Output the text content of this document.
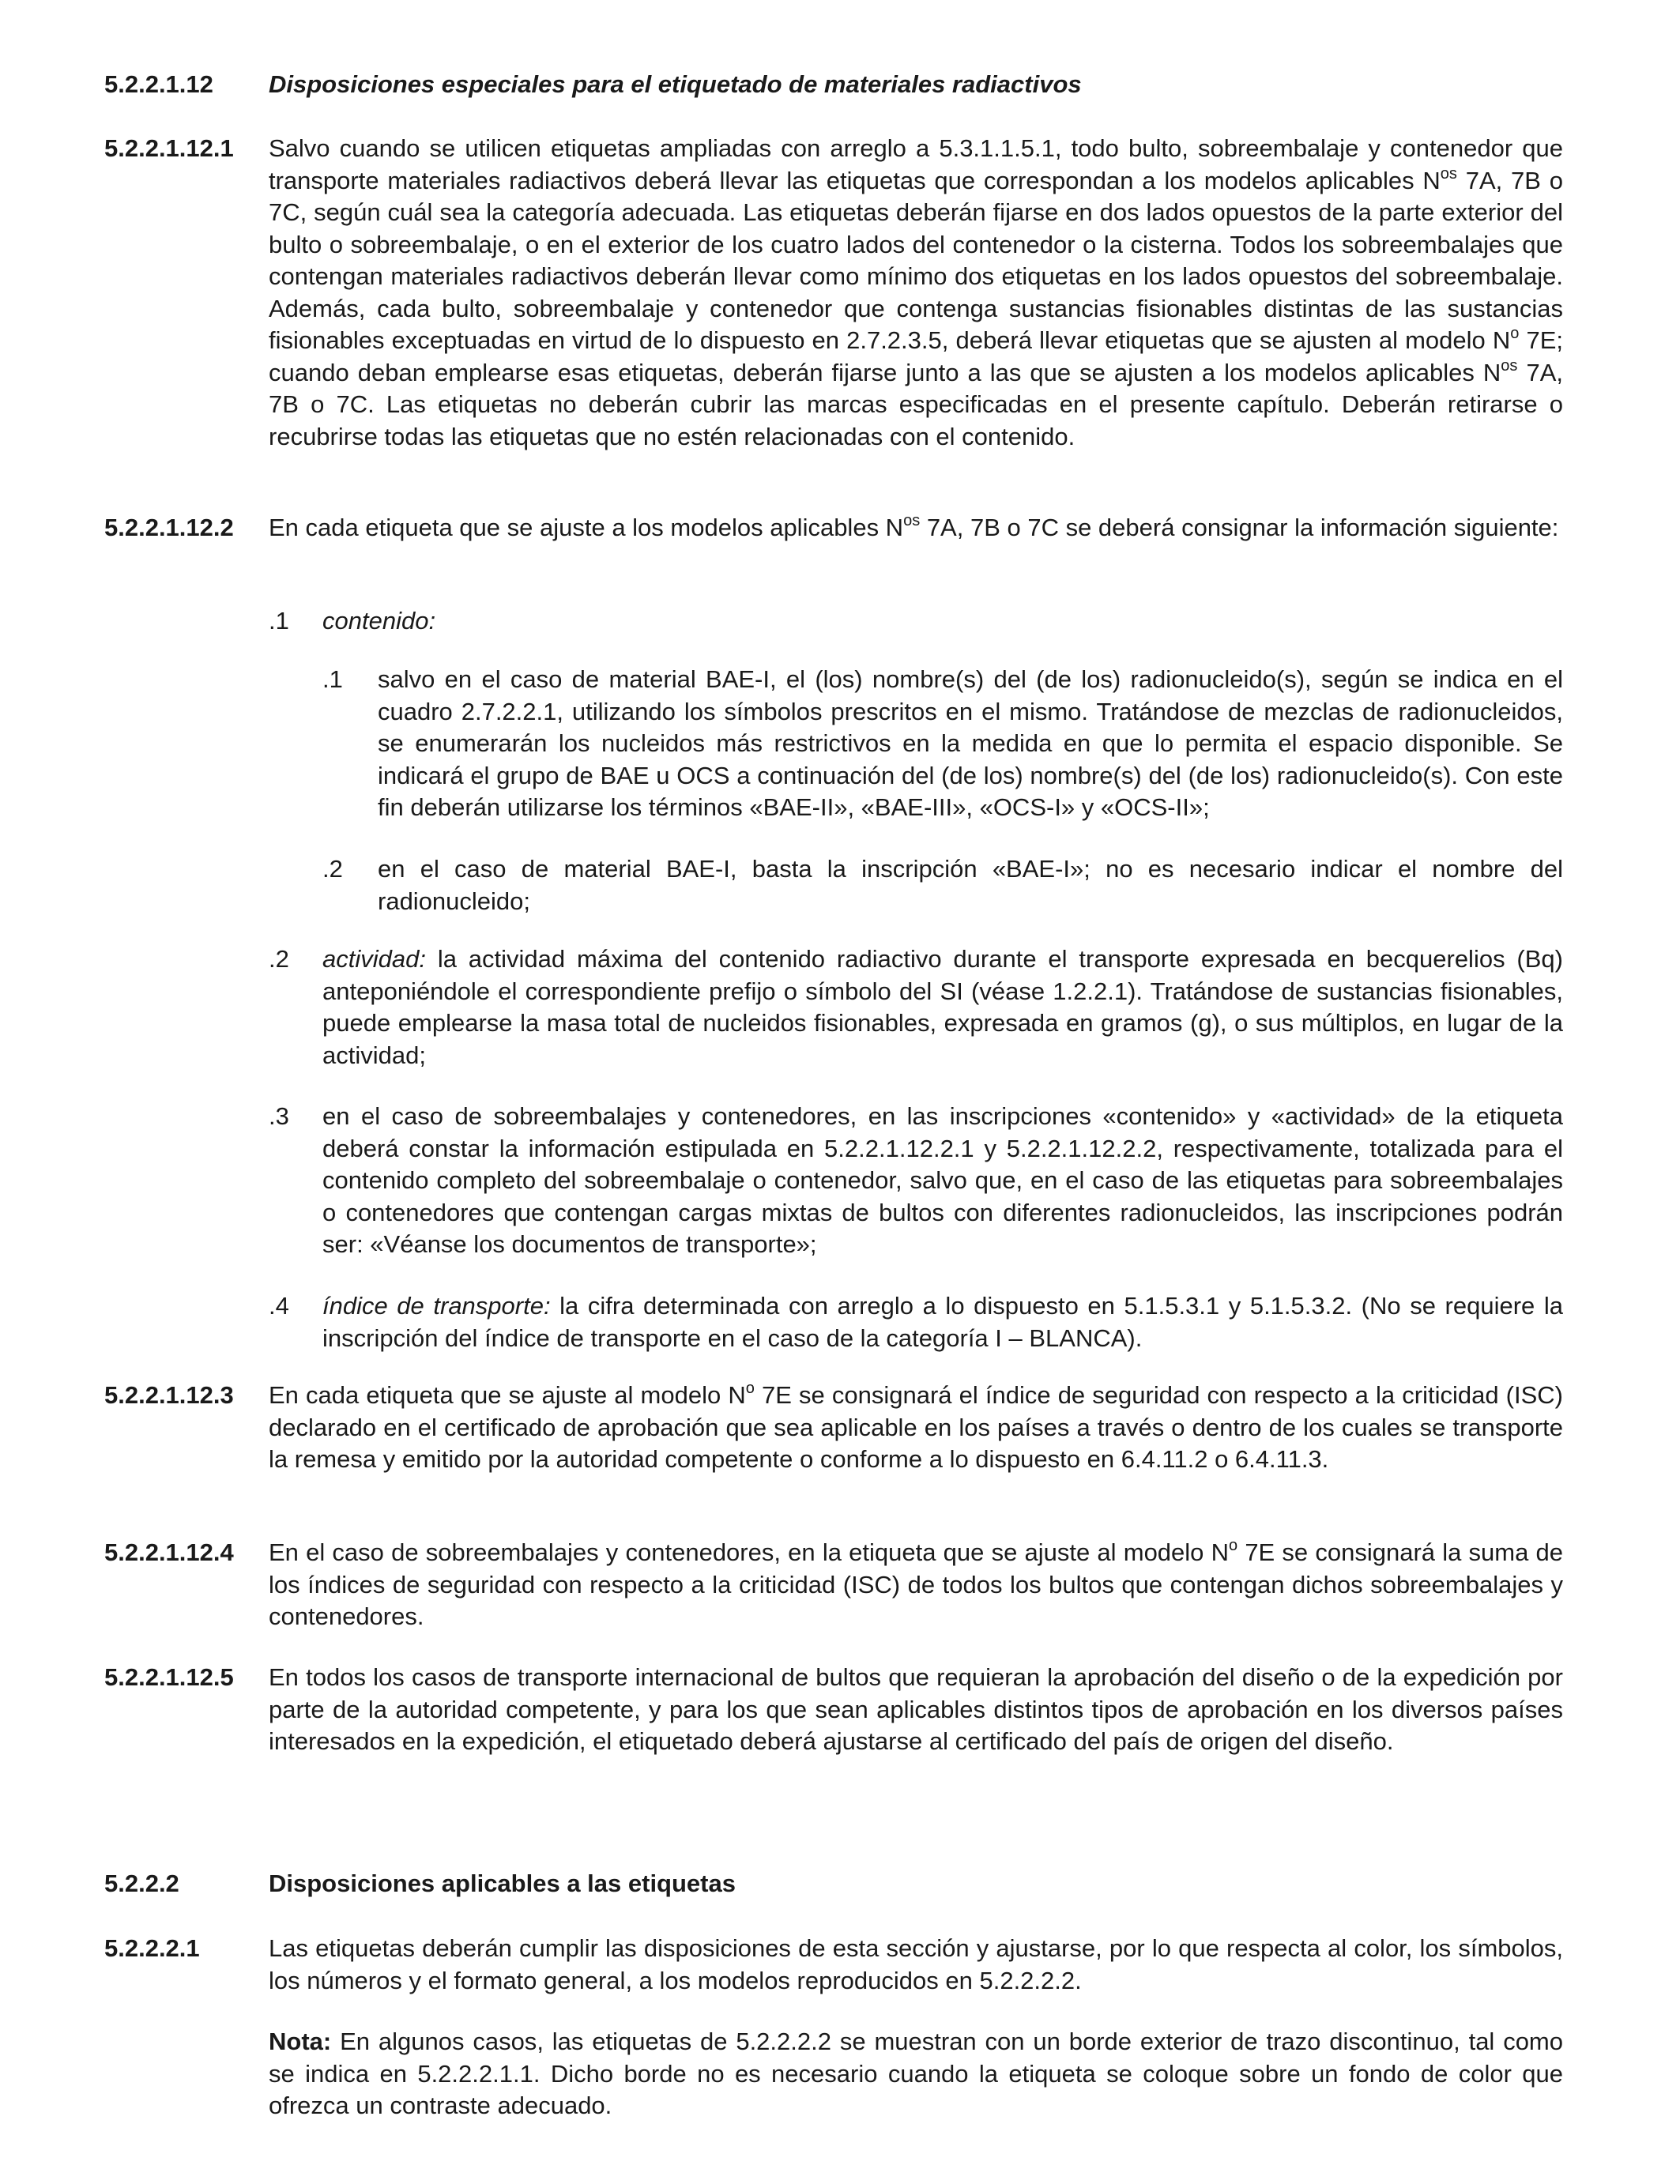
5.2.2.1.12 Disposiciones especiales para el etiquetado de materiales radiactivos
5.2.2.1.12.1 Salvo cuando se utilicen etiquetas ampliadas con arreglo a 5.3.1.1.5.1, todo bulto, sobreembalaje y contenedor que transporte materiales radiactivos deberá llevar las etiquetas que correspondan a los modelos aplicables $N^{os}$ 7A, 7B o 7C, según cuál sea la categoría adecuada. Las etiquetas deberán fijarse en dos lados opuestos de la parte exterior del bulto o sobreembalaje, o en el exterior de los cuatro lados del contenedor o la cisterna. Todos los sobreembalajes que contengan materiales radiactivos deberán llevar como mínimo dos etiquetas en los lados opuestos del sobreembalaje. Además, cada bulto, sobreembalaje y contenedor que contenga sustancias fisionables distintas de las sustancias fisionables exceptuadas en virtud de lo dispuesto en 2.7.2.3.5, deberá llevar etiquetas que se ajusten al modelo $N^o$ 7E; cuando deban emplearse esas etiquetas, deberán fijarse junto a las que se ajusten a los modelos aplicables $N^{os}$ 7A, 7B o 7C. Las etiquetas no deberán cubrir las marcas especificadas en el presente capítulo. Deberán retirarse o recubrirse todas las etiquetas que no estén relacionadas con el contenido.
5.2.2.1.12.2 En cada etiqueta que se ajuste a los modelos aplicables $N^{os}$ 7A, 7B o 7C se deberá consignar la información siguiente:
.1 contenido:
.1 salvo en el caso de material BAE-I, el (los) nombre(s) del (de los) radionucleido(s), según se indica en el cuadro 2.7.2.2.1, utilizando los símbolos prescritos en el mismo. Tratándose de mezclas de radionucleidos, se enumerarán los nucleidos más restrictivos en la medida en que lo permita el espacio disponible. Se indicará el grupo de BAE u OCS a continuación del (de los) nombre(s) del (de los) radionucleido(s). Con este fin deberán utilizarse los términos «BAE-II», «BAE-III», «OCS-I» y «OCS-II»;
.2 en el caso de material BAE-I, basta la inscripción «BAE-I»; no es necesario indicar el nombre del radionucleido;
.2 actividad: la actividad máxima del contenido radiactivo durante el transporte expresada en becquerelios (Bq) anteponiéndole el correspondiente prefijo o símbolo del SI (véase 1.2.2.1). Tratándose de sustancias fisionables, puede emplearse la masa total de nucleidos fisionables, expresada en gramos (g), o sus múltiplos, en lugar de la actividad;
.3 en el caso de sobreembalajes y contenedores, en las inscripciones «contenido» y «actividad» de la etiqueta deberá constar la información estipulada en 5.2.2.1.12.2.1 y 5.2.2.1.12.2.2, respectivamente, totalizada para el contenido completo del sobreembalaje o contenedor, salvo que, en el caso de las etiquetas para sobreembalajes o contenedores que contengan cargas mixtas de bultos con diferentes radionucleidos, las inscripciones podrán ser: «Véanse los documentos de transporte»;
.4 índice de transporte: la cifra determinada con arreglo a lo dispuesto en 5.1.5.3.1 y 5.1.5.3.2. (No se requiere la inscripción del índice de transporte en el caso de la categoría I – BLANCA).
5.2.2.1.12.3 En cada etiqueta que se ajuste al modelo $N^o$ 7E se consignará el índice de seguridad con respecto a la criticidad (ISC) declarado en el certificado de aprobación que sea aplicable en los países a través o dentro de los cuales se transporte la remesa y emitido por la autoridad competente o conforme a lo dispuesto en 6.4.11.2 o 6.4.11.3.
5.2.2.1.12.4 En el caso de sobreembalajes y contenedores, en la etiqueta que se ajuste al modelo $N^o$ 7E se consignará la suma de los índices de seguridad con respecto a la criticidad (ISC) de todos los bultos que contengan dichos sobreembalajes y contenedores.
5.2.2.1.12.5 En todos los casos de transporte internacional de bultos que requieran la aprobación del diseño o de la expedición por parte de la autoridad competente, y para los que sean aplicables distintos tipos de aprobación en los diversos países interesados en la expedición, el etiquetado deberá ajustarse al certificado del país de origen del diseño.
5.2.2.2	Disposiciones aplicables a las etiquetas
5.2.2.2.1	Las etiquetas deberán cumplir las disposiciones de esta sección y ajustarse, por lo que respecta al color, los símbolos, los números y el formato general, a los modelos reproducidos en 5.2.2.2.2.
Nota: En algunos casos, las etiquetas de 5.2.2.2.2 se muestran con un borde exterior de trazo discontinuo, tal como se indica en 5.2.2.2.1.1. Dicho borde no es necesario cuando la etiqueta se coloque sobre un fondo de color que ofrezca un contraste adecuado.
